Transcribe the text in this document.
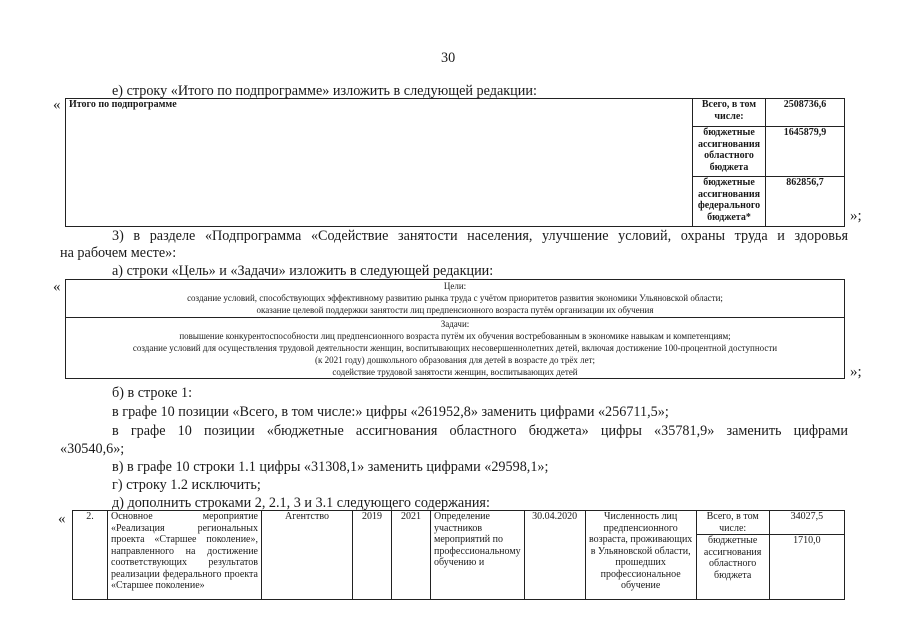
30
е) строку «Итого по подпрограмме» изложить в следующей редакции:
« Итого по подпрограмме	Всего, в том числе:	2508736,6
	бюджетные ассигнования областного бюджета	1645879,9
	бюджетные ассигнования федерального бюджета*	862856,7
»;
3) в разделе «Подпрограмма «Содействие занятости населения, улучшение условий, охраны труда и здоровья
на рабочем месте»:
а) строки «Цель» и «Задачи» изложить в следующей редакции:
«	Цели:
создание условий, способствующих эффективному развитию рынка труда с учётом приоритетов развития экономики Ульяновской области;
оказание целевой поддержки занятости лиц предпенсионного возраста путём организации их обучения

Задачи:
повышение конкурентоспособности лиц предпенсионного возраста путём их обучения востребованным в экономике навыкам и компетенциям;
создание условий для осуществления трудовой деятельности женщин, воспитывающих несовершеннолетних детей, включая достижение 100-процентной доступности
(к 2021 году) дошкольного образования для детей в возрасте до трёх лет;
содействие трудовой занятости женщин, воспитывающих детей	»;
б) в строке 1:
в графе 10 позиции «Всего, в том числе:» цифры «261952,8» заменить цифрами «256711,5»;
в графе 10 позиции «бюджетные ассигнования областного бюджета» цифры «35781,9» заменить цифрами
«30540,6»;
в) в графе 10 строки 1.1 цифры «31308,1» заменить цифрами «29598,1»;
г) строку 1.2 исключить;
д) дополнить строками 2, 2.1, 3 и 3.1 следующего содержания:
« 2.	Основное мероприятие «Реализация региональных проекта «Старшее поколение», направленного на достижение соответствующих результатов реализации федерального проекта «Старшее поколение»	Агентство	2019	2021	Определение участников мероприятий по профессиональному обучению и	30.04.2020	Численность лиц предпенсионного возраста, проживающих в Ульяновской области, прошедших профессиональное обучение	Всего, в том числе:	34027,5
								бюджетные ассигнования областного бюджета	1710,0
